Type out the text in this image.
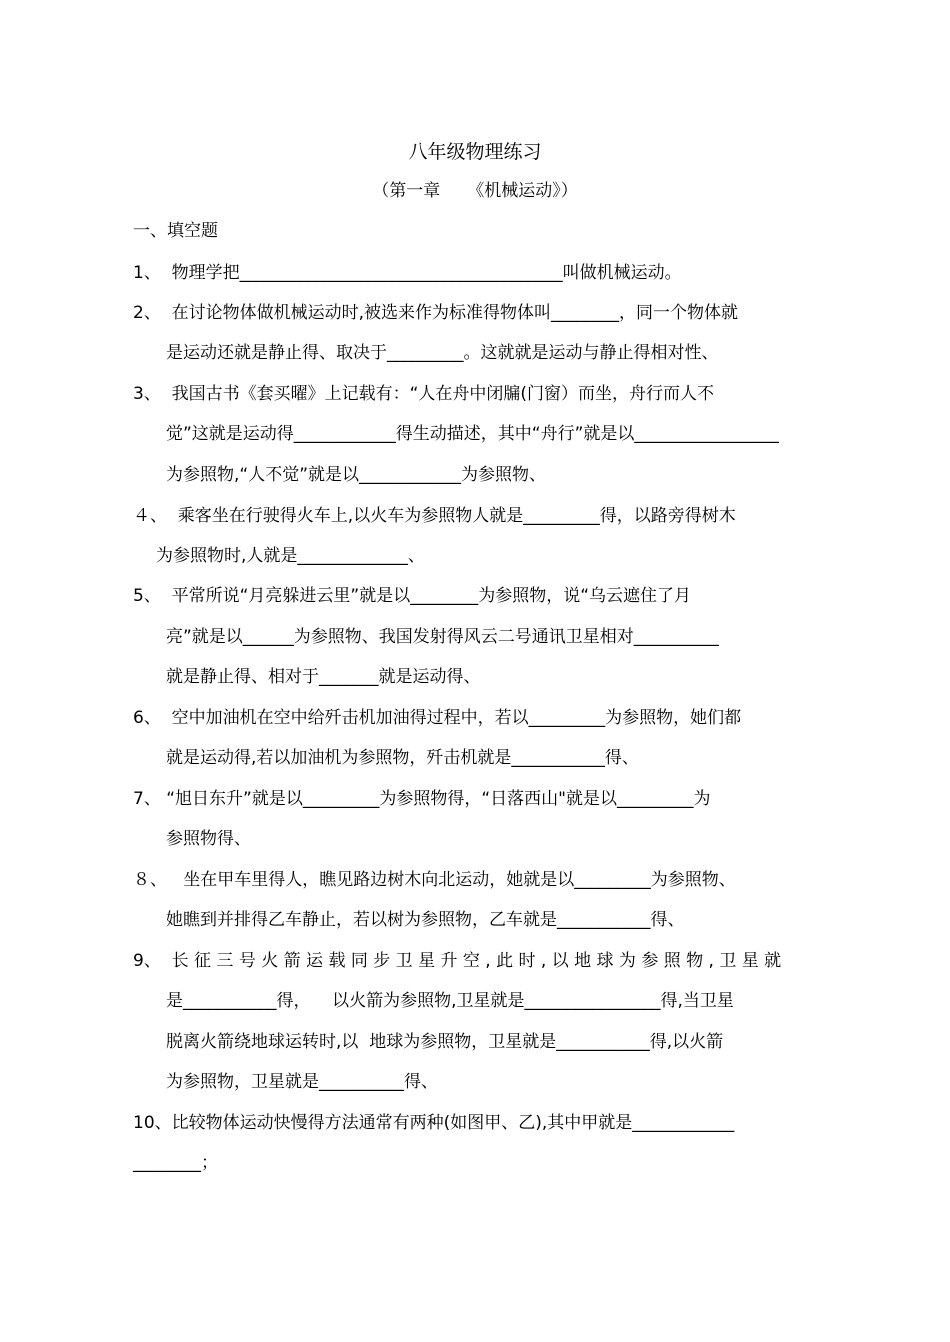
八年级物理练习
（第一章     《机械运动》）
一、填空题
1、  物理学把______________________________________叫做机械运动。
2、  在讨论物体做机械运动时,被选来作为标准得物体叫________，同一个物体就
是运动还就是静止得、取决于_________。这就就是运动与静止得相对性、
3、  我国古书《套买曜》上记载有：“人在舟中闭牖(门窗）而坐，舟行而人不
觉”这就是运动得____________得生动描述，其中“舟行”就是以_________________
为参照物,“人不觉”就是以____________为参照物、
４、  乘客坐在行驶得火车上,以火车为参照物人就是_________得，以路旁得树木
为参照物时,人就是_____________、
5、  平常所说“月亮躲进云里”就是以________为参照物，说“乌云遮住了月
亮”就是以______为参照物、我国发射得风云二号通讯卫星相对__________
就是静止得、相对于_______就是运动得、
6、  空中加油机在空中给歼击机加油得过程中，若以_________为参照物，她们都
就是运动得,若以加油机为参照物，歼击机就是___________得、
7、 “旭日东升”就是以_________为参照物得，“日落西山"就是以_________为
参照物得、
８、   坐在甲车里得人，瞧见路边树木向北运动，她就是以_________为参照物、
她瞧到并排得乙车静止，若以树为参照物，乙车就是___________得、
9、  长 征 三 号 火 箭 运 载 同 步 卫 星 升 空 , 此 时 , 以 地 球 为 参 照 物 , 卫 星 就
是___________得，    以火箭为参照物,卫星就是________________得,当卫星
脱离火箭绕地球运转时,以  地球为参照物，卫星就是___________得,以火箭
为参照物，卫星就是__________得、
10、比较物体运动快慢得方法通常有两种(如图甲、乙),其中甲就是____________
________；
